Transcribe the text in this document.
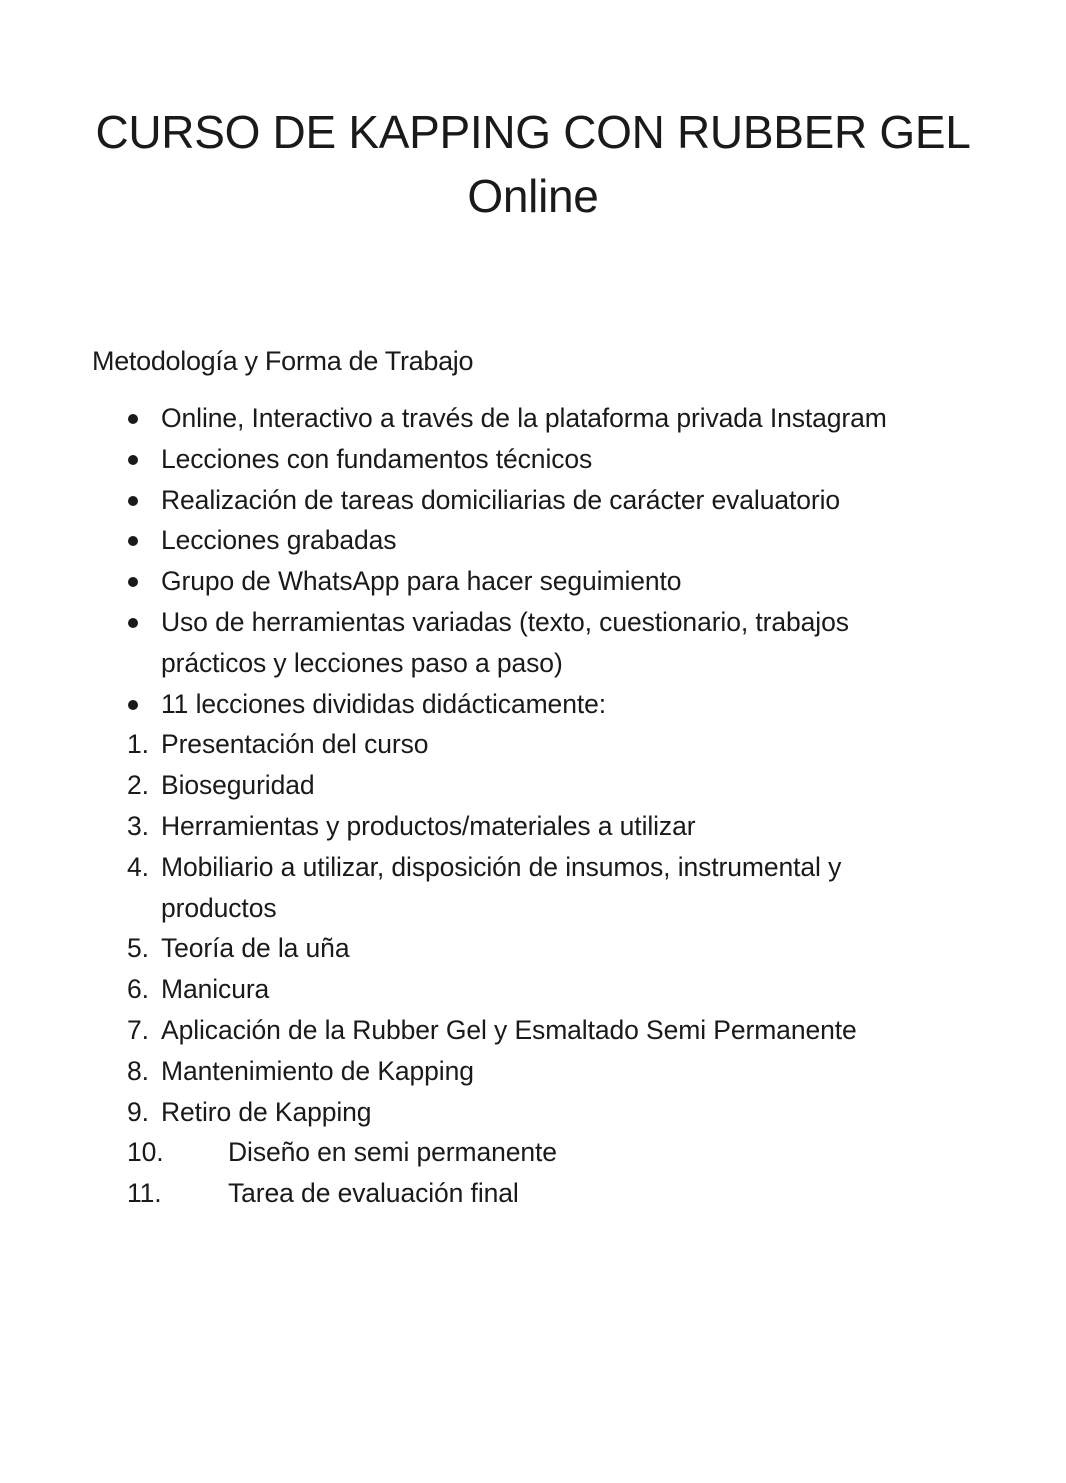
CURSO DE KAPPING CON RUBBER GEL
Online
Metodología y Forma de Trabajo
Online, Interactivo a través de la plataforma privada Instagram
Lecciones con fundamentos técnicos
Realización de tareas domiciliarias de carácter evaluatorio
Lecciones grabadas
Grupo de WhatsApp para hacer seguimiento
Uso de herramientas variadas (texto, cuestionario, trabajos prácticos y lecciones paso a paso)
11 lecciones divididas didácticamente:
1. Presentación del curso
2. Bioseguridad
3. Herramientas y productos/materiales a utilizar
4. Mobiliario a utilizar, disposición de insumos, instrumental y productos
5. Teoría de la uña
6. Manicura
7. Aplicación de la Rubber Gel y Esmaltado Semi Permanente
8. Mantenimiento de Kapping
9. Retiro de Kapping
10. Diseño en semi permanente
11.	Tarea de evaluación final
